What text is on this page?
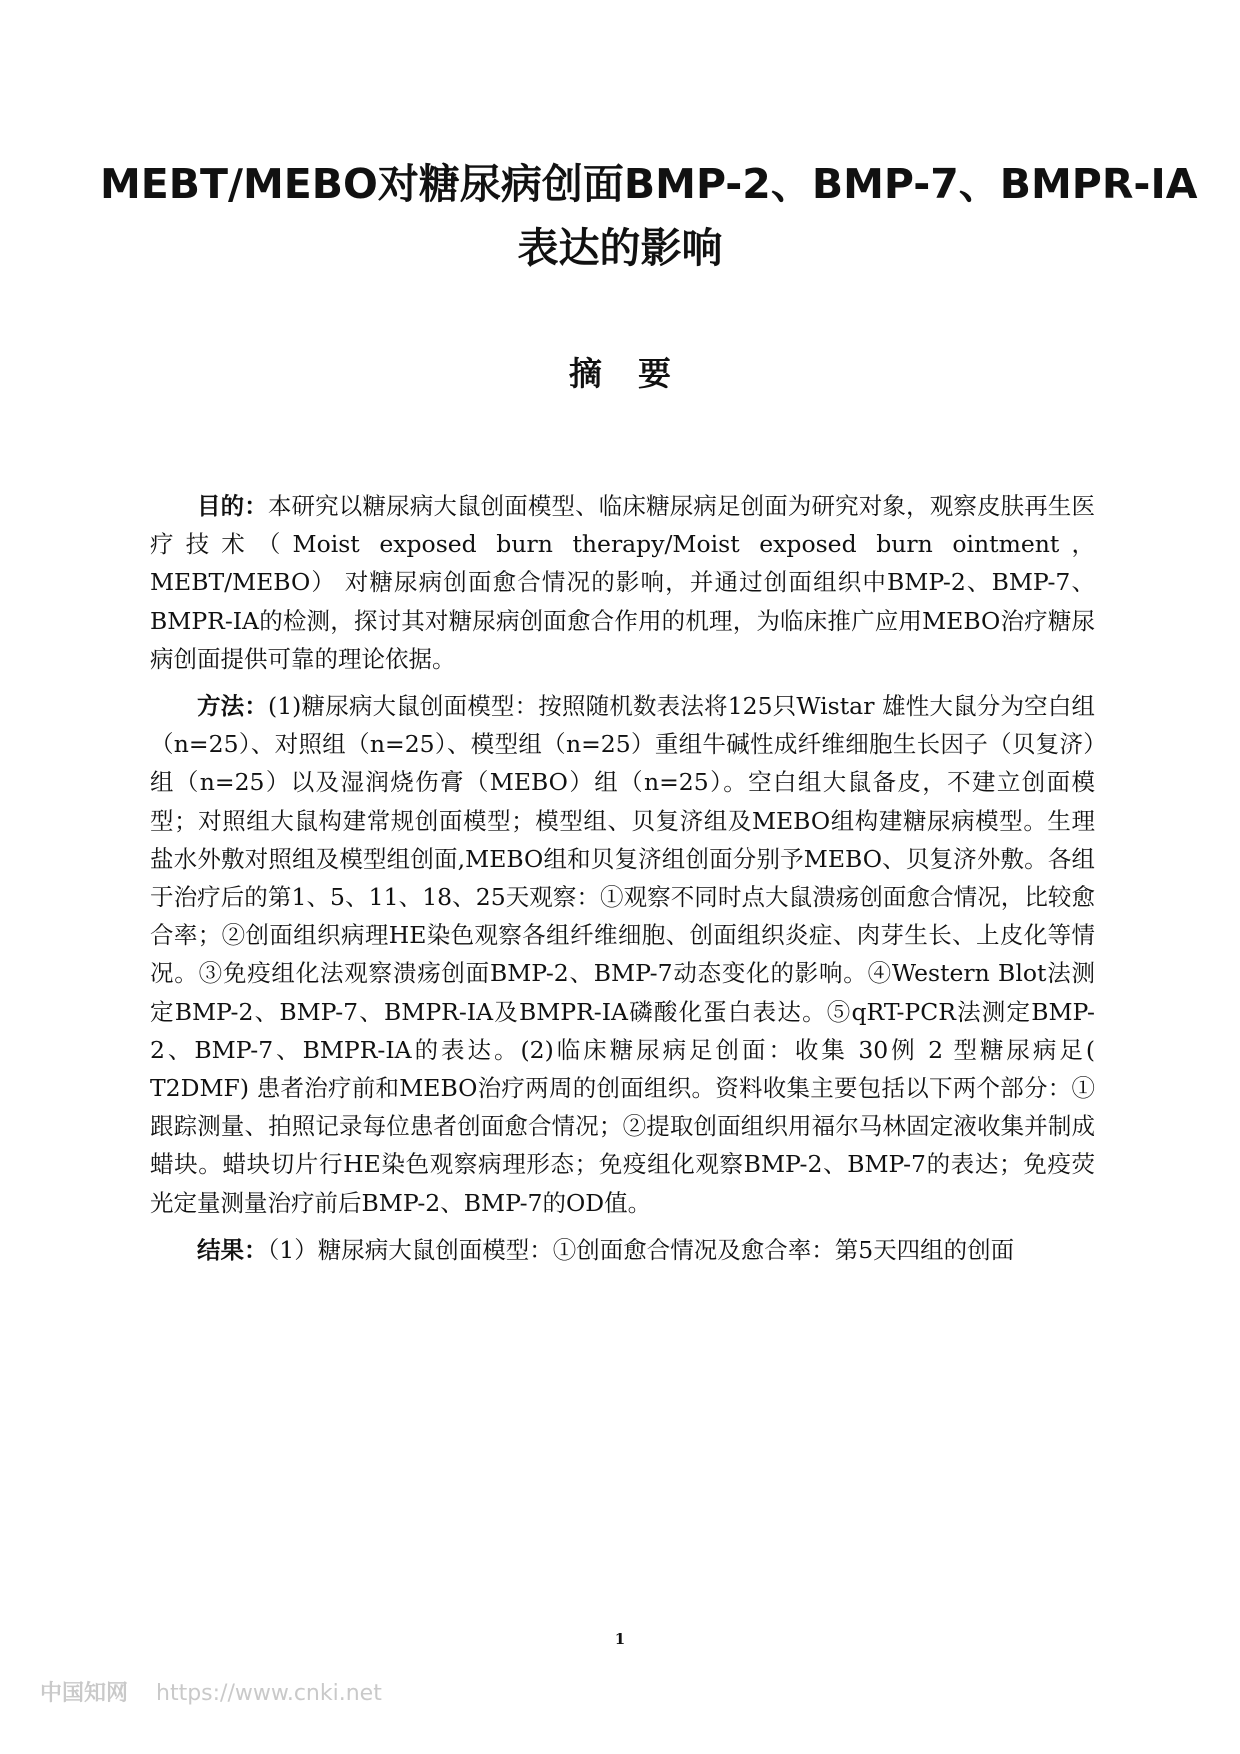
MEBT/MEBO对糖尿病创面BMP-2、BMP-7、BMPR-IA
表达的影响
摘要

目的：本研究以糖尿病大鼠创面模型、临床糖尿病足创面为研究对象，观察皮肤再生医疗技术（Moist exposed burn therapy/Moist exposed burn ointment，MEBT/MEBO） 对糖尿病创面愈合情况的影响，并通过创面组织中BMP-2、BMP-7、BMPR-IA的检测，探讨其对糖尿病创面愈合作用的机理，为临床推广应用MEBO治疗糖尿病创面提供可靠的理论依据。

方法：(1)糖尿病大鼠创面模型：按照随机数表法将125只Wistar 雄性大鼠分为空白组（n=25）、对照组（n=25）、模型组（n=25）重组牛碱性成纤维细胞生长因子（贝复济）组（n=25）以及湿润烧伤膏（MEBO）组（n=25）。空白组大鼠备皮，不建立创面模型；对照组大鼠构建常规创面模型；模型组、贝复济组及MEBO组构建糖尿病模型。生理盐水外敷对照组及模型组创面,MEBO组和贝复济组创面分别予MEBO、贝复济外敷。各组于治疗后的第1、5、11、18、25天观察：①观察不同时点大鼠溃疡创面愈合情况，比较愈合率；②创面组织病理HE染色观察各组纤维细胞、创面组织炎症、肉芽生长、上皮化等情况。③免疫组化法观察溃疡创面BMP-2、BMP-7动态变化的影响。④Western Blot法测定BMP-2、BMP-7、BMPR-IA及BMPR-IA磷酸化蛋白表达。⑤qRT-PCR法测定BMP-2、BMP-7、BMPR-IA的表达。(2)临床糖尿病足创面：收集 30例 2 型糖尿病足( T2DMF) 患者治疗前和MEBO治疗两周的创面组织。资料收集主要包括以下两个部分：①跟踪测量、拍照记录每位患者创面愈合情况；②提取创面组织用福尔马林固定液收集并制成蜡块。蜡块切片行HE染色观察病理形态；免疫组化观察BMP-2、BMP-7的表达；免疫荧光定量测量治疗前后BMP-2、BMP-7的OD值。

结果：（1）糖尿病大鼠创面模型：①创面愈合情况及愈合率：第5天四组的创面

1
中国知网 https://www.cnki.net
